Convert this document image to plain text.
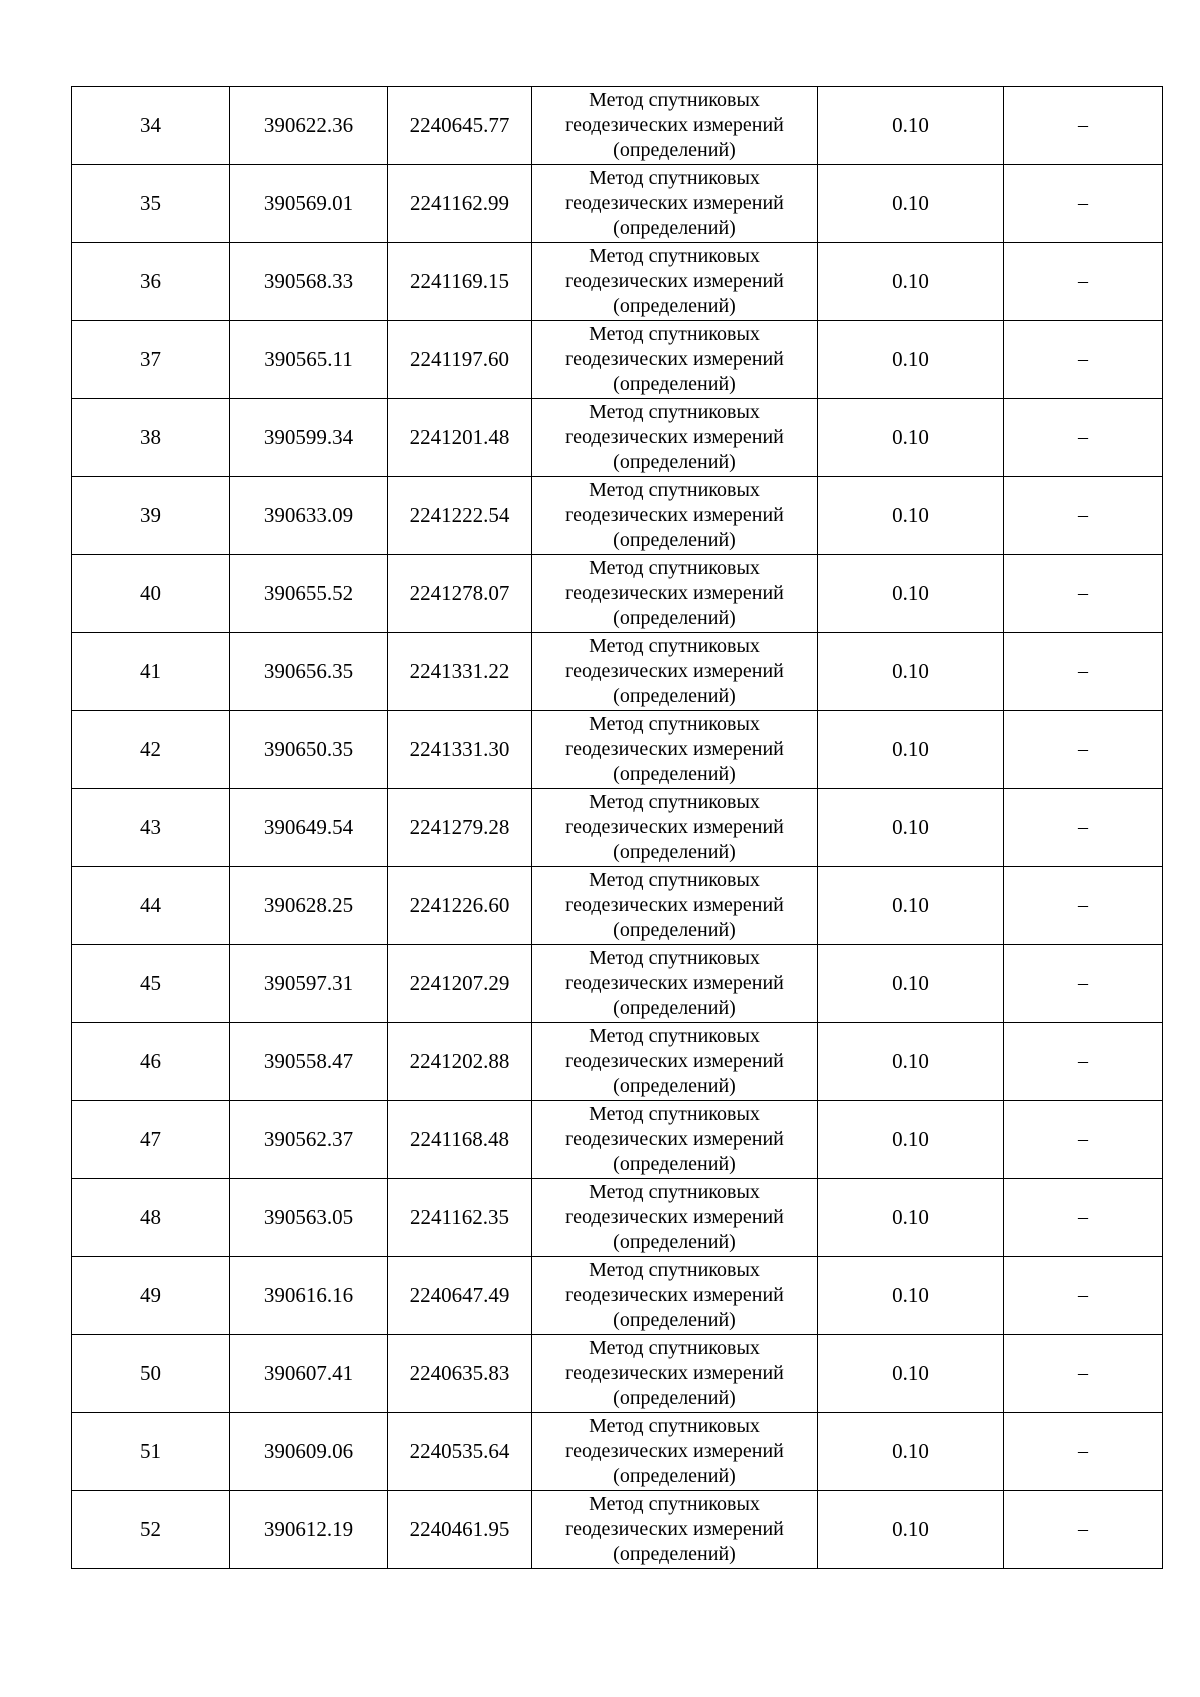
34	390622.36	2240645.77	Метод спутниковых геодезических измерений (определений)	0.10	–
35	390569.01	2241162.99	Метод спутниковых геодезических измерений (определений)	0.10	–
36	390568.33	2241169.15	Метод спутниковых геодезических измерений (определений)	0.10	–
37	390565.11	2241197.60	Метод спутниковых геодезических измерений (определений)	0.10	–
38	390599.34	2241201.48	Метод спутниковых геодезических измерений (определений)	0.10	–
39	390633.09	2241222.54	Метод спутниковых геодезических измерений (определений)	0.10	–
40	390655.52	2241278.07	Метод спутниковых геодезических измерений (определений)	0.10	–
41	390656.35	2241331.22	Метод спутниковых геодезических измерений (определений)	0.10	–
42	390650.35	2241331.30	Метод спутниковых геодезических измерений (определений)	0.10	–
43	390649.54	2241279.28	Метод спутниковых геодезических измерений (определений)	0.10	–
44	390628.25	2241226.60	Метод спутниковых геодезических измерений (определений)	0.10	–
45	390597.31	2241207.29	Метод спутниковых геодезических измерений (определений)	0.10	–
46	390558.47	2241202.88	Метод спутниковых геодезических измерений (определений)	0.10	–
47	390562.37	2241168.48	Метод спутниковых геодезических измерений (определений)	0.10	–
48	390563.05	2241162.35	Метод спутниковых геодезических измерений (определений)	0.10	–
49	390616.16	2240647.49	Метод спутниковых геодезических измерений (определений)	0.10	–
50	390607.41	2240635.83	Метод спутниковых геодезических измерений (определений)	0.10	–
51	390609.06	2240535.64	Метод спутниковых геодезических измерений (определений)	0.10	–
52	390612.19	2240461.95	Метод спутниковых геодезических измерений (определений)	0.10	–
